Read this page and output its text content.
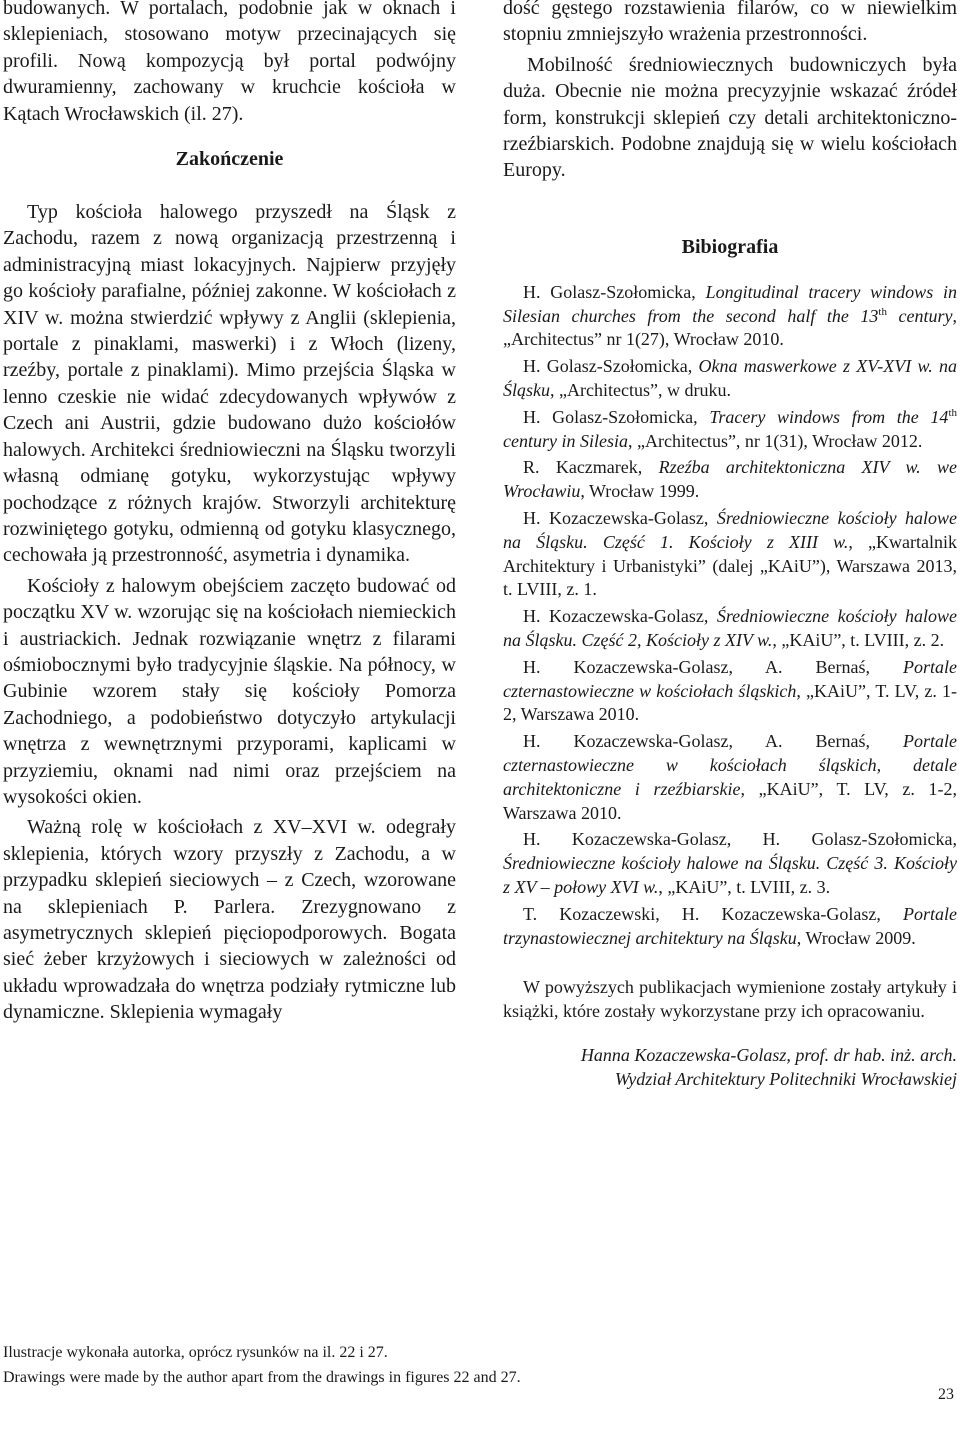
budowanych. W portalach, podobnie jak w oknach i sklepieniach, stosowano motyw przecinających się profili. Nową kompozycją był portal podwójny dwuramienny, zachowany w kruchcie kościoła w Kątach Wrocławskich (il. 27).

Zakończenie

Typ kościoła halowego przyszedł na Śląsk z Zachodu, razem z nową organizacją przestrzenną i administracyjną miast lokacyjnych. Najpierw przyjęły go kościoły parafialne, później zakonne. W kościołach z XIV w. można stwierdzić wpływy z Anglii (sklepienia, portale z pinaklami, maswerki) i z Włoch (lizeny, rzeźby, portale z pinaklami). Mimo przejścia Śląska w lenno czeskie nie widać zdecydowanych wpływów z Czech ani Austrii, gdzie budowano dużo kościołów halowych. Architekci średniowieczni na Śląsku tworzyli własną odmianę gotyku, wykorzystując wpływy pochodzące z różnych krajów. Stworzyli architekturę rozwiniętego gotyku, odmienną od gotyku klasycznego, cechowała ją przestronność, asymetria i dynamika.

Kościoły z halowym obejściem zaczęto budować od początku XV w. wzorując się na kościołach niemieckich i austriackich. Jednak rozwiązanie wnętrz z filarami ośmiobocznymi było tradycyjnie śląskie. Na północy, w Gubinie wzorem stały się kościoły Pomorza Zachodniego, a podobieństwo dotyczyło artykulacji wnętrza z wewnętrznymi przyporami, kaplicami w przyziemiu, oknami nad nimi oraz przejściem na wysokości okien.

Ważną rolę w kościołach z XV–XVI w. odegrały sklepienia, których wzory przyszły z Zachodu, a w przypadku sklepień sieciowych – z Czech, wzorowane na sklepieniach P. Parlera. Zrezygnowano z asymetrycznych sklepień pięciopodporowych. Bogata sieć żeber krzyżowych i sieciowych w zależności od układu wprowadzała do wnętrza podziały rytmiczne lub dynamiczne. Sklepienia wymagały

dość gęstego rozstawienia filarów, co w niewielkim stopniu zmniejszyło wrażenia przestronności.

Mobilność średniowiecznych budowniczych była duża. Obecnie nie można precyzyjnie wskazać źródeł form, konstrukcji sklepień czy detali architektoniczno-rzeźbiarskich. Podobne znajdują się w wielu kościołach Europy.

Bibiografia

H. Golasz-Szołomicka, Longitudinal tracery windows in Silesian churches from the second half the 13th century, „Architectus” nr 1(27), Wrocław 2010.

H. Golasz-Szołomicka, Okna maswerkowe z XV-XVI w. na Śląsku, „Architectus”, w druku.

H. Golasz-Szołomicka, Tracery windows from the 14th century in Silesia, „Architectus”, nr 1(31), Wrocław 2012.

R. Kaczmarek, Rzeźba architektoniczna XIV w. we Wrocławiu, Wrocław 1999.

H. Kozaczewska-Golasz, Średniowieczne kościoły halowe na Śląsku. Część 1. Kościoły z XIII w., „Kwartalnik Architektury i Urbanistyki” (dalej „KAiU”), Warszawa 2013, t. LVIII, z. 1.

H. Kozaczewska-Golasz, Średniowieczne kościoły halowe na Śląsku. Część 2, Kościoły z XIV w., „KAiU”, t. LVIII, z. 2.

H. Kozaczewska-Golasz, A. Bernaś, Portale czternastowieczne w kościołach śląskich, „KAiU”, T. LV, z. 1-2, Warszawa 2010.

H. Kozaczewska-Golasz, A. Bernaś, Portale czternastowieczne w kościołach śląskich, detale architektoniczne i rzeźbiarskie, „KAiU”, T. LV, z. 1-2, Warszawa 2010.

H. Kozaczewska-Golasz, H. Golasz-Szołomicka, Średniowieczne kościoły halowe na Śląsku. Część 3. Kościoły z XV – połowy XVI w., „KAiU”, t. LVIII, z. 3.

T. Kozaczewski, H. Kozaczewska-Golasz, Portale trzynastowiecznej architektury na Śląsku, Wrocław 2009.

W powyższych publikacjach wymienione zostały artykuły i książki, które zostały wykorzystane przy ich opracowaniu.

Hanna Kozaczewska-Golasz, prof. dr hab. inż. arch.

Wydział Architektury Politechniki Wrocławskiej

Ilustracje wykonała autorka, oprócz rysunków na il. 22 i 27.

Drawings were made by the author apart from the drawings in figures 22 and 27.

23
